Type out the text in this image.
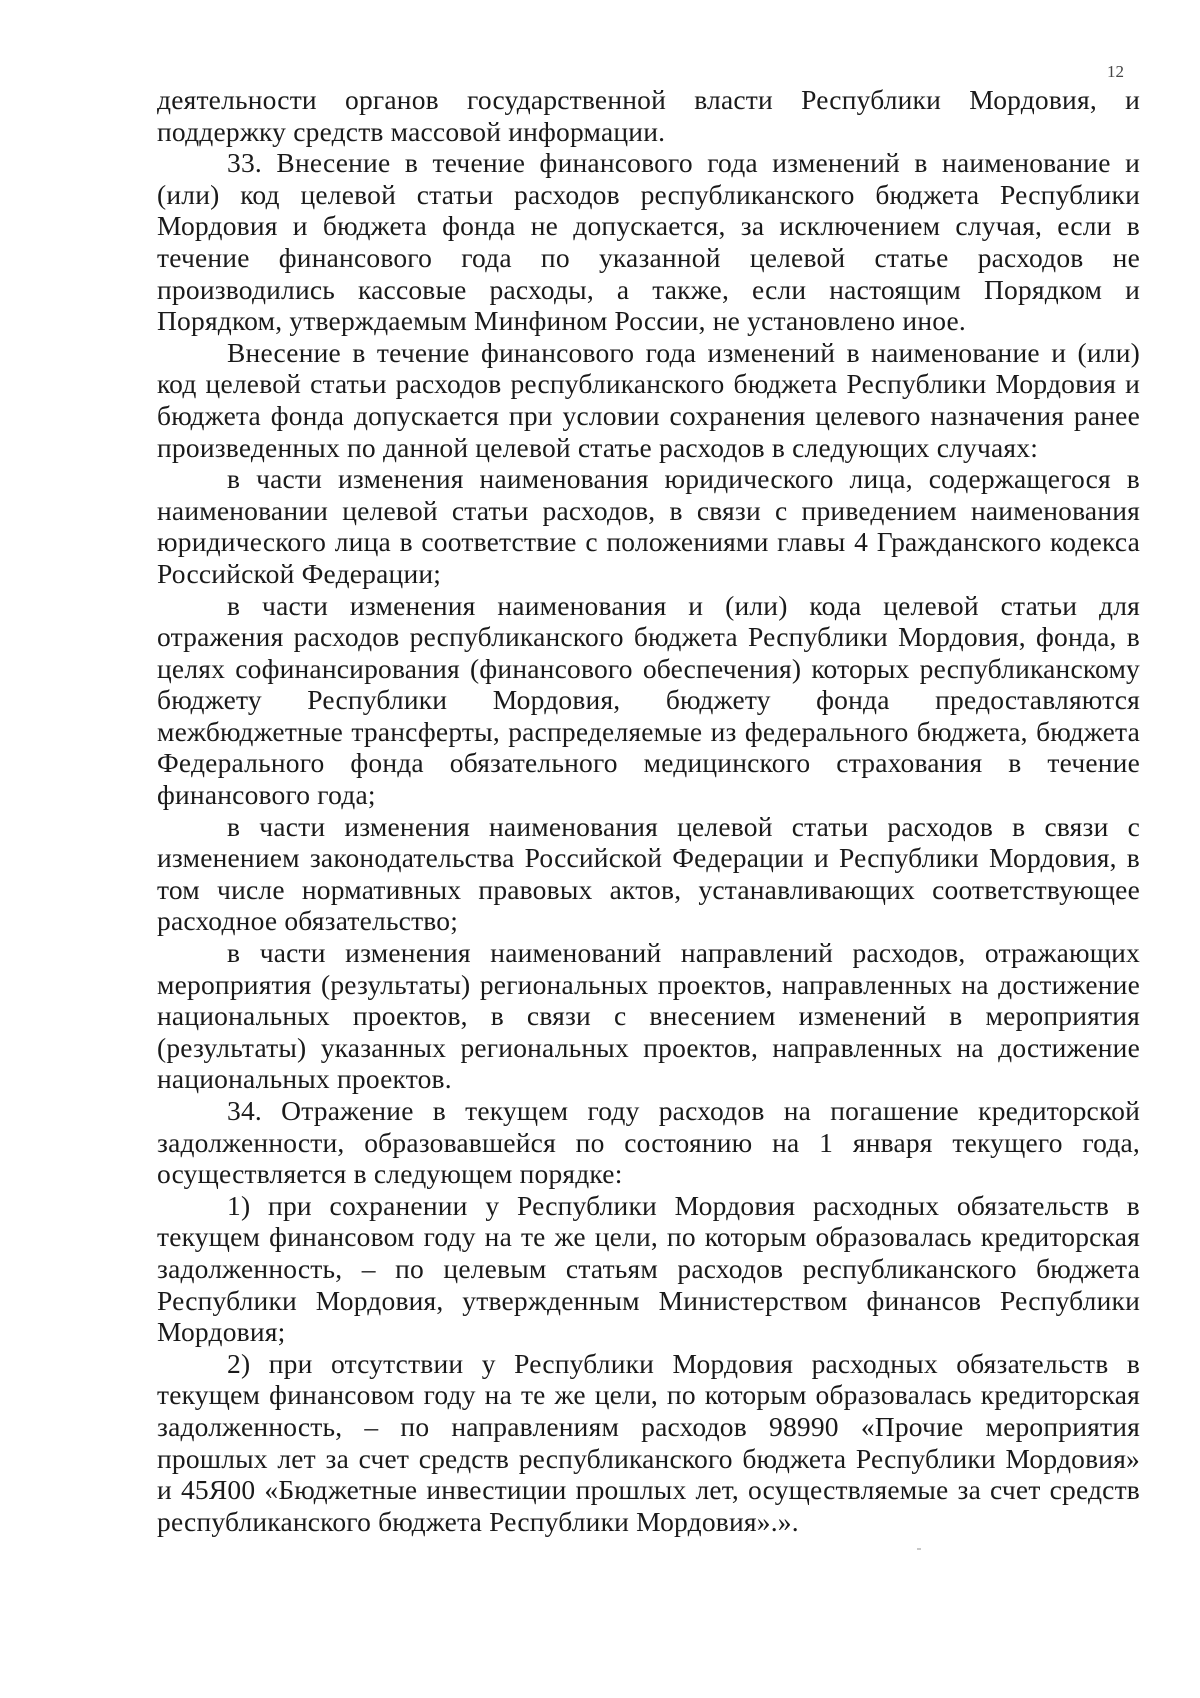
12

деятельности органов государственной власти Республики Мордовия, и поддержку средств массовой информации.

33. Внесение в течение финансового года изменений в наименование и (или) код целевой статьи расходов республиканского бюджета Республики Мордовия и бюджета фонда не допускается, за исключением случая, если в течение финансового года по указанной целевой статье расходов не производились кассовые расходы, а также, если настоящим Порядком и Порядком, утверждаемым Минфином России, не установлено иное.

Внесение в течение финансового года изменений в наименование и (или) код целевой статьи расходов республиканского бюджета Республики Мордовия и бюджета фонда допускается при условии сохранения целевого назначения ранее произведенных по данной целевой статье расходов в следующих случаях:

в части изменения наименования юридического лица, содержащегося в наименовании целевой статьи расходов, в связи с приведением наименования юридического лица в соответствие с положениями главы 4 Гражданского кодекса Российской Федерации;

в части изменения наименования и (или) кода целевой статьи для отражения расходов республиканского бюджета Республики Мордовия, фонда, в целях софинансирования (финансового обеспечения) которых республиканскому бюджету Республики Мордовия, бюджету фонда предоставляются межбюджетные трансферты, распределяемые из федерального бюджета, бюджета Федерального фонда обязательного медицинского страхования в течение финансового года;

в части изменения наименования целевой статьи расходов в связи с изменением законодательства Российской Федерации и Республики Мордовия, в том числе нормативных правовых актов, устанавливающих соответствующее расходное обязательство;

в части изменения наименований направлений расходов, отражающих мероприятия (результаты) региональных проектов, направленных на достижение национальных проектов, в связи с внесением изменений в мероприятия (результаты) указанных региональных проектов, направленных на достижение национальных проектов.

34. Отражение в текущем году расходов на погашение кредиторской задолженности, образовавшейся по состоянию на 1 января текущего года, осуществляется в следующем порядке:

1) при сохранении у Республики Мордовия расходных обязательств в текущем финансовом году на те же цели, по которым образовалась кредиторская задолженность, – по целевым статьям расходов республиканского бюджета Республики Мордовия, утвержденным Министерством финансов Республики Мордовия;

2) при отсутствии у Республики Мордовия расходных обязательств в текущем финансовом году на те же цели, по которым образовалась кредиторская задолженность, – по направлениям расходов 98990 «Прочие мероприятия прошлых лет за счет средств республиканского бюджета Республики Мордовия» и 45Я00 «Бюджетные инвестиции прошлых лет, осуществляемые за счет средств республиканского бюджета Республики Мордовия».».
